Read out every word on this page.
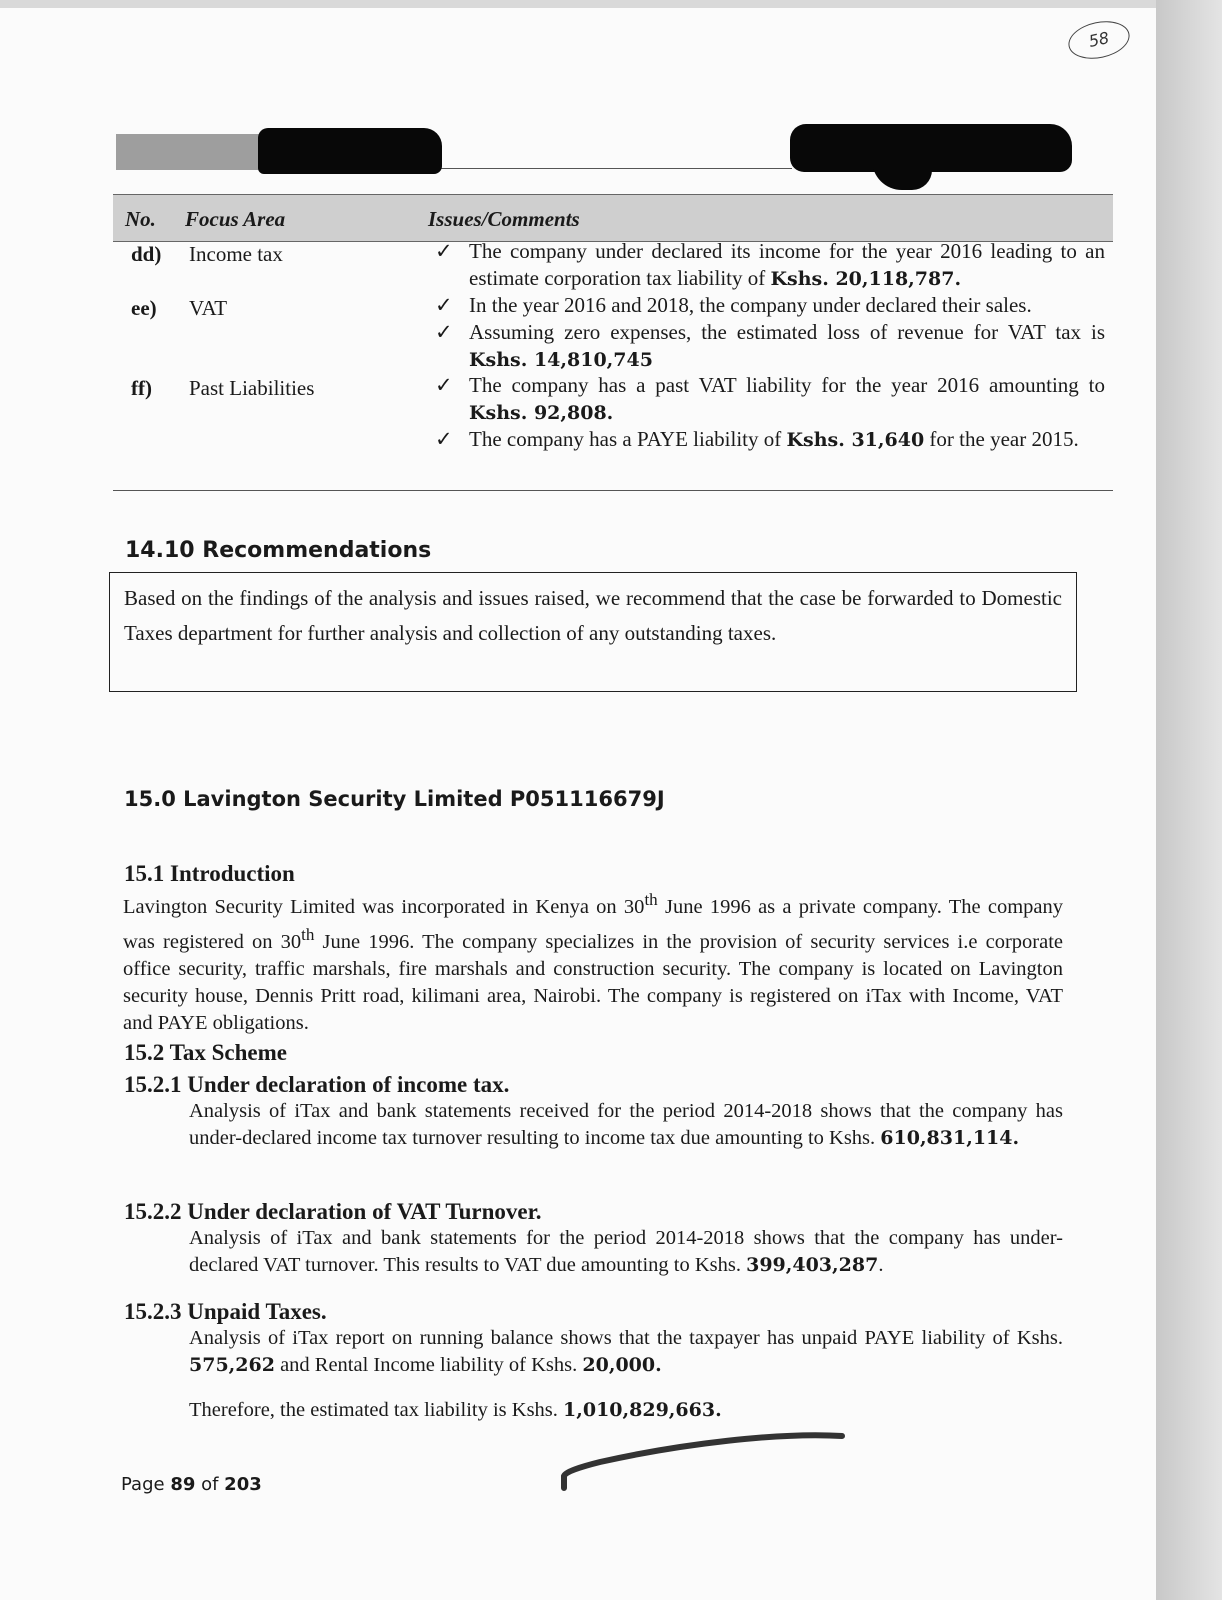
58
No. Focus Area	Issues/Comments
dd) Income tax	✓ The company under declared its income for the year 2016 leading to an estimate corporation tax liability of Kshs. 20,118,787.
ee) VAT	✓ In the year 2016 and 2018, the company under declared their sales.
✓ Assuming zero expenses, the estimated loss of revenue for VAT tax is Kshs. 14,810,745
ff) Past Liabilities	✓ The company has a past VAT liability for the year 2016 amounting to Kshs. 92,808.
✓ The company has a PAYE liability of Kshs. 31,640 for the year 2015.
14.10 Recommendations
Based on the findings of the analysis and issues raised, we recommend that the case be forwarded to Domestic Taxes department for further analysis and collection of any outstanding taxes.
15.0 Lavington Security Limited P051116679J
15.1 Introduction
Lavington Security Limited was incorporated in Kenya on 30th June 1996 as a private company. The company was registered on 30th June 1996. The company specializes in the provision of security services i.e corporate office security, traffic marshals, fire marshals and construction security. The company is located on Lavington security house, Dennis Pritt road, kilimani area, Nairobi. The company is registered on iTax with Income, VAT and PAYE obligations.
15.2 Tax Scheme
15.2.1 Under declaration of income tax.
Analysis of iTax and bank statements received for the period 2014-2018 shows that the company has under-declared income tax turnover resulting to income tax due amounting to Kshs. 610,831,114.
15.2.2 Under declaration of VAT Turnover.
Analysis of iTax and bank statements for the period 2014-2018 shows that the company has under-declared VAT turnover. This results to VAT due amounting to Kshs. 399,403,287.
15.2.3 Unpaid Taxes.
Analysis of iTax report on running balance shows that the taxpayer has unpaid PAYE liability of Kshs. 575,262 and Rental Income liability of Kshs. 20,000.
Therefore, the estimated tax liability is Kshs. 1,010,829,663.
Page 89 of 203
